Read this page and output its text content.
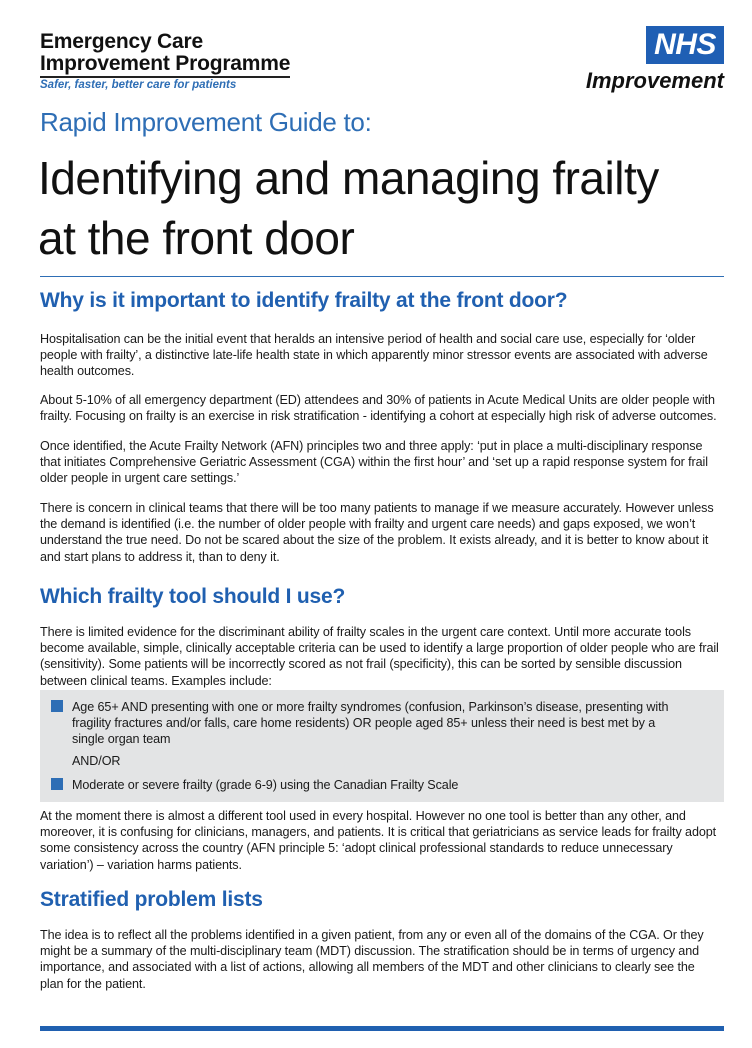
Emergency Care
Improvement Programme
Safer, faster, better care for patients
NHS
Improvement
Rapid Improvement Guide to:
Identifying and managing frailty
at the front door
Why is it important to identify frailty at the front door?
Hospitalisation can be the initial event that heralds an intensive period of health and social care use, especially for ‘older people with frailty’, a distinctive late-life health state in which apparently minor stressor events are associated with adverse health outcomes.
About 5-10% of all emergency department (ED) attendees and 30% of patients in Acute Medical Units are older people with frailty. Focusing on frailty is an exercise in risk stratification - identifying a cohort at especially high risk of adverse outcomes.
Once identified, the Acute Frailty Network (AFN) principles two and three apply: ‘put in place a multi-disciplinary response that initiates Comprehensive Geriatric Assessment (CGA) within the first hour’ and ‘set up a rapid response system for frail older people in urgent care settings.’
There is concern in clinical teams that there will be too many patients to manage if we measure accurately. However unless the demand is identified (i.e. the number of older people with frailty and urgent care needs) and gaps exposed, we won’t understand the true need. Do not be scared about the size of the problem. It exists already, and it is better to know about it and start plans to address it, than to deny it.
Which frailty tool should I use?
There is limited evidence for the discriminant ability of frailty scales in the urgent care context. Until more accurate tools become available, simple, clinically acceptable criteria can be used to identify a large proportion of older people who are frail (sensitivity). Some patients will be incorrectly scored as not frail (specificity), this can be sorted by sensible discussion between clinical teams. Examples include:
Age 65+ AND presenting with one or more frailty syndromes (confusion, Parkinson’s disease, presenting with fragility fractures and/or falls, care home residents) OR people aged 85+ unless their need is best met by a single organ team
AND/OR
Moderate or severe frailty (grade 6-9) using the Canadian Frailty Scale
At the moment there is almost a different tool used in every hospital. However no one tool is better than any other, and moreover, it is confusing for clinicians, managers, and patients. It is critical that geriatricians as service leads for frailty adopt some consistency across the country (AFN principle 5: ‘adopt clinical professional standards to reduce unnecessary variation’) – variation harms patients.
Stratified problem lists
The idea is to reflect all the problems identified in a given patient, from any or even all of the domains of the CGA. Or they might be a summary of the multi-disciplinary team (MDT) discussion. The stratification should be in terms of urgency and importance, and associated with a list of actions, allowing all members of the MDT and other clinicians to clearly see the plan for the patient.
